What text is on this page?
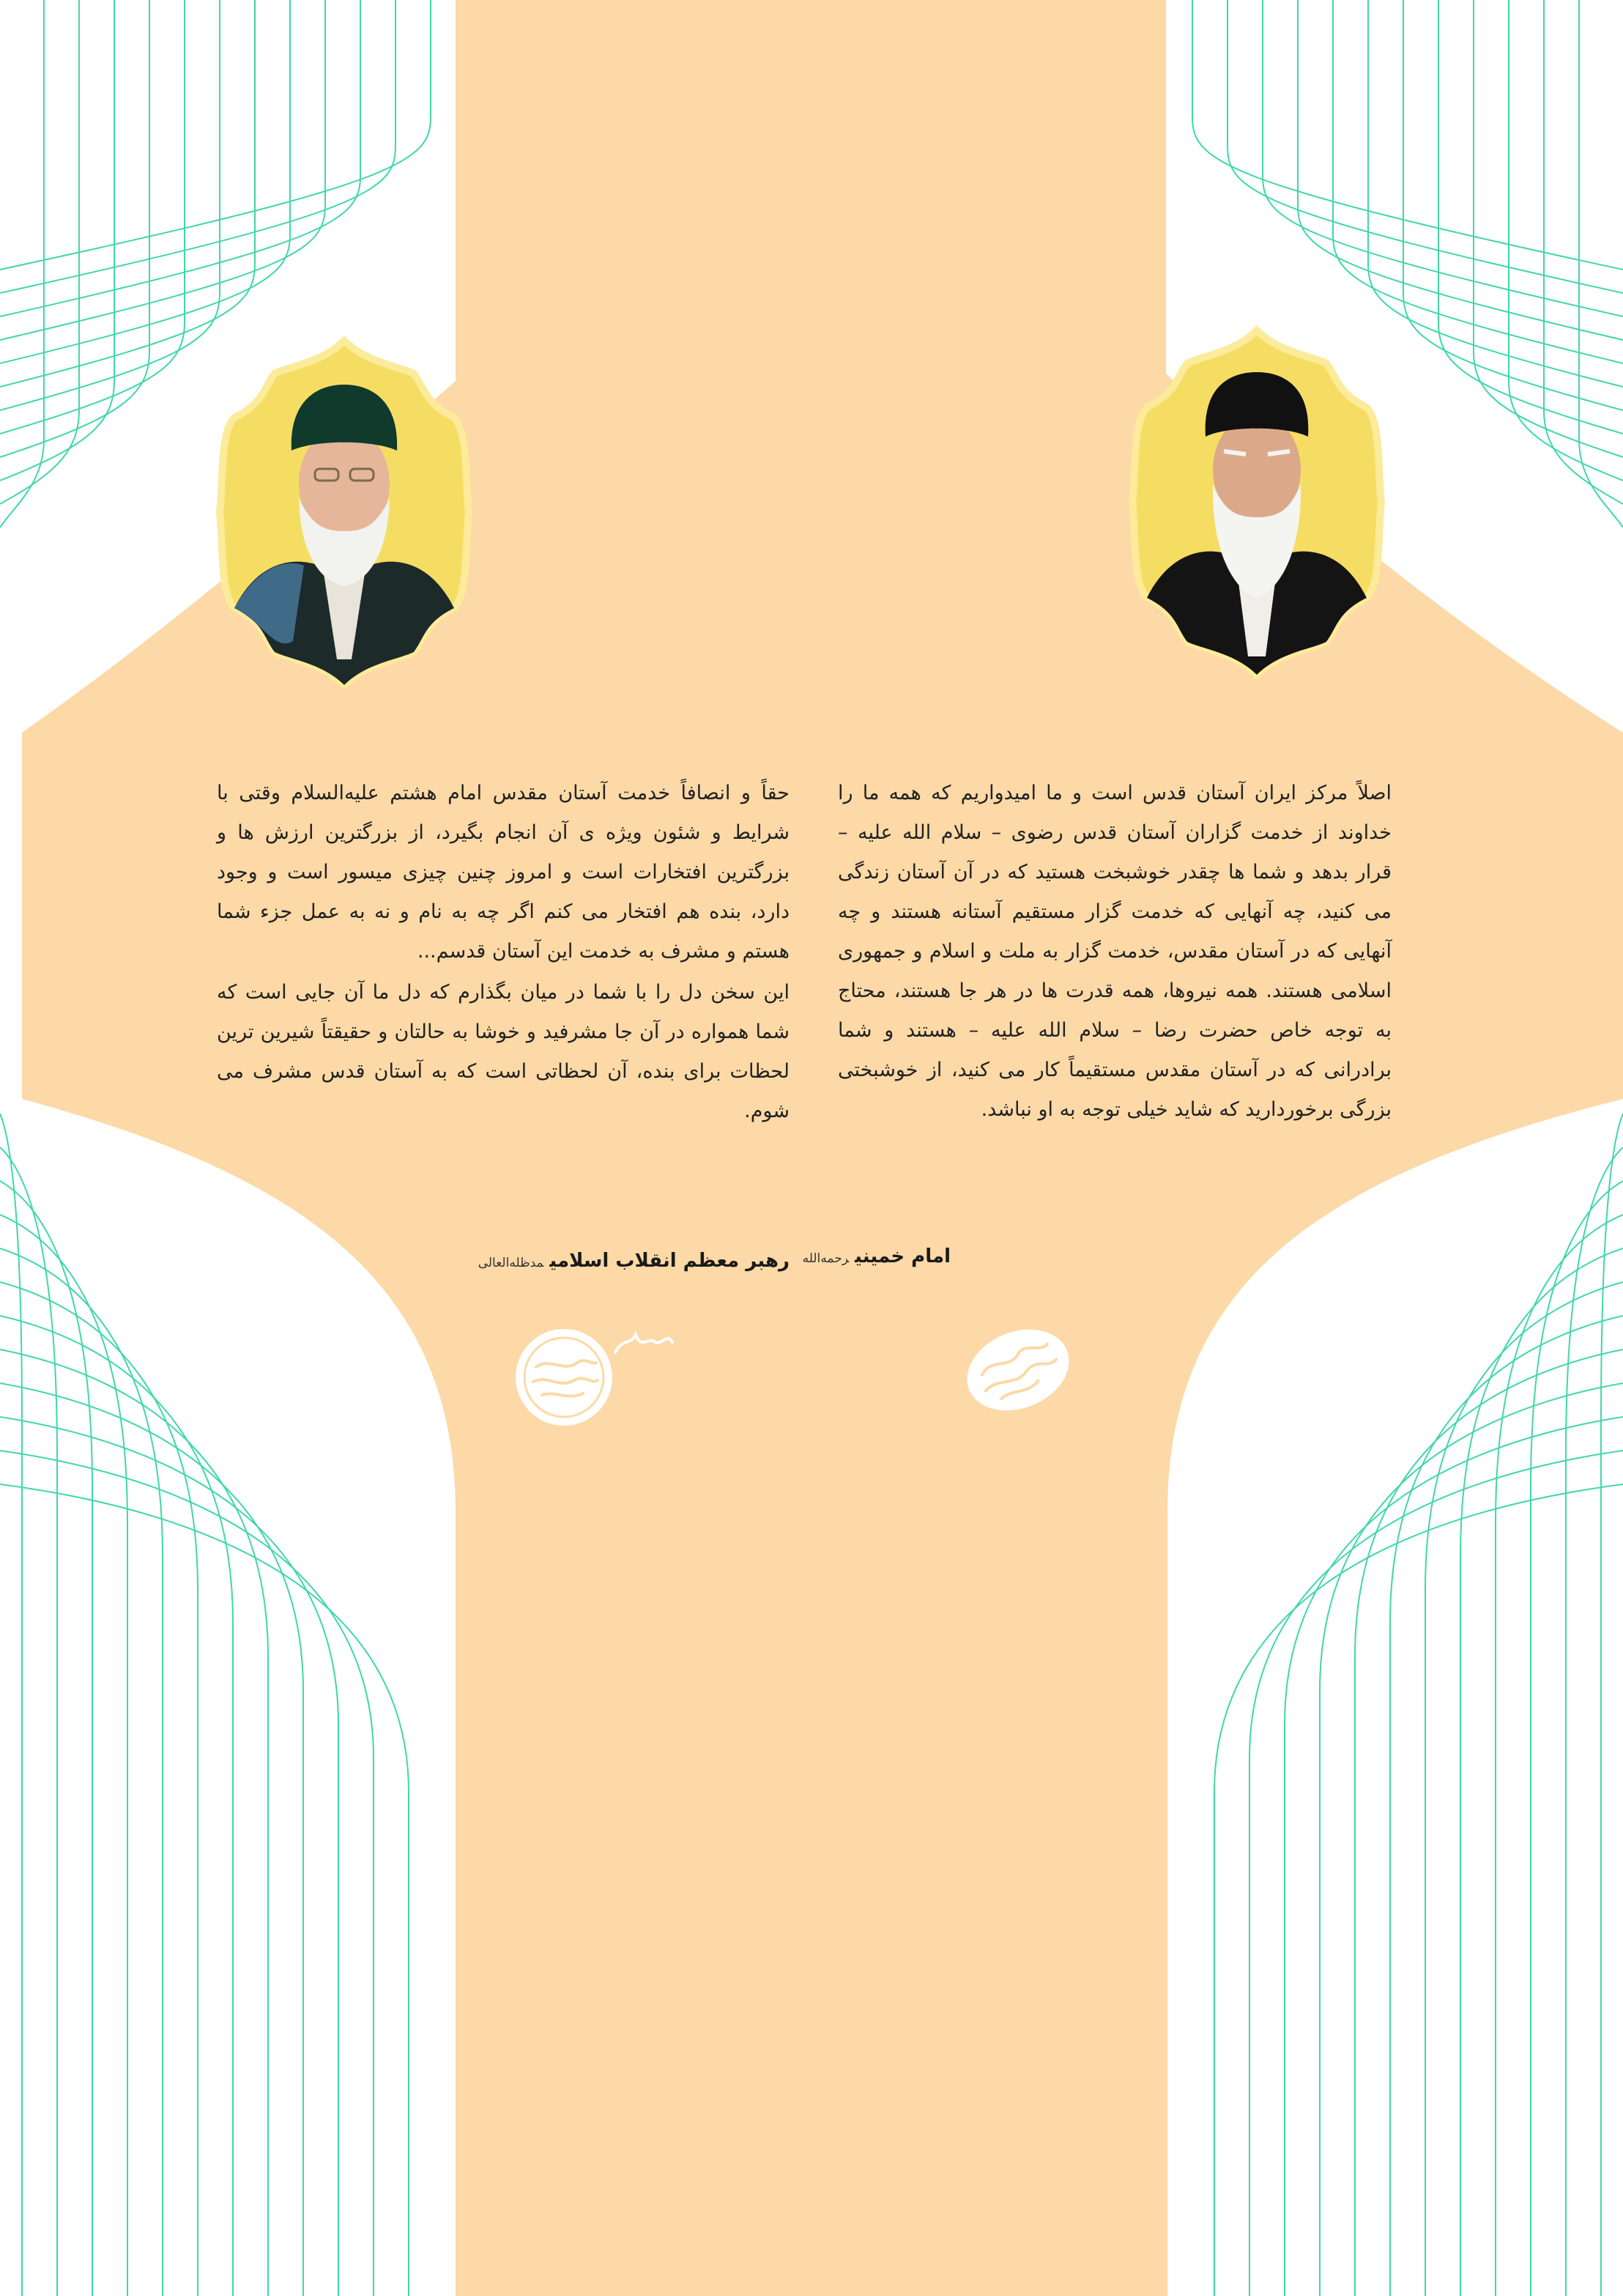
اصلاً مرکز ایران آستان قدس است و ما امیدواریم که همه ما را خداوند از خدمت گزاران آستان قدس رضوی – سلام الله علیه – قرار بدهد و شما ها چقدر خوشبخت هستید که در آن آستان زندگی می کنید، چه آنهایی که خدمت گزار مستقیم آستانه هستند و چه آنهایی که در آستان مقدس، خدمت گزار به ملت و اسلام و جمهوری اسلامی هستند. همه نیروها، همه قدرت ها در هر جا هستند، محتاج به توجه خاص حضرت رضا – سلام الله علیه – هستند و شما برادرانی که در آستان مقدس مستقیماً کار می کنید، از خوشبختی بزرگی برخوردارید که شاید خیلی توجه به او نباشد.

حقاً و انصافاً خدمت آستان مقدس امام هشتم علیه‌السلام وقتی با شرایط و شئون ویژه ی آن انجام بگیرد، از بزرگترین ارزش ها و بزرگترین افتخارات است و امروز چنین چیزی میسور است و وجود دارد، بنده هم افتخار می کنم اگر چه به نام و نه به عمل جزء شما هستم و مشرف به خدمت این آستان قدسم...

این سخن دل را با شما در میان بگذارم که دل ما آن جایی است که شما همواره در آن جا مشرفید و خوشا به حالتان و حقیقتاً شیرین ترین لحظات برای بنده، آن لحظاتی است که به آستان قدس مشرف می شوم.

امام خمینیرحمه‌الله
رهبر معظم انقلاب اسلامیمدظله‌العالی
